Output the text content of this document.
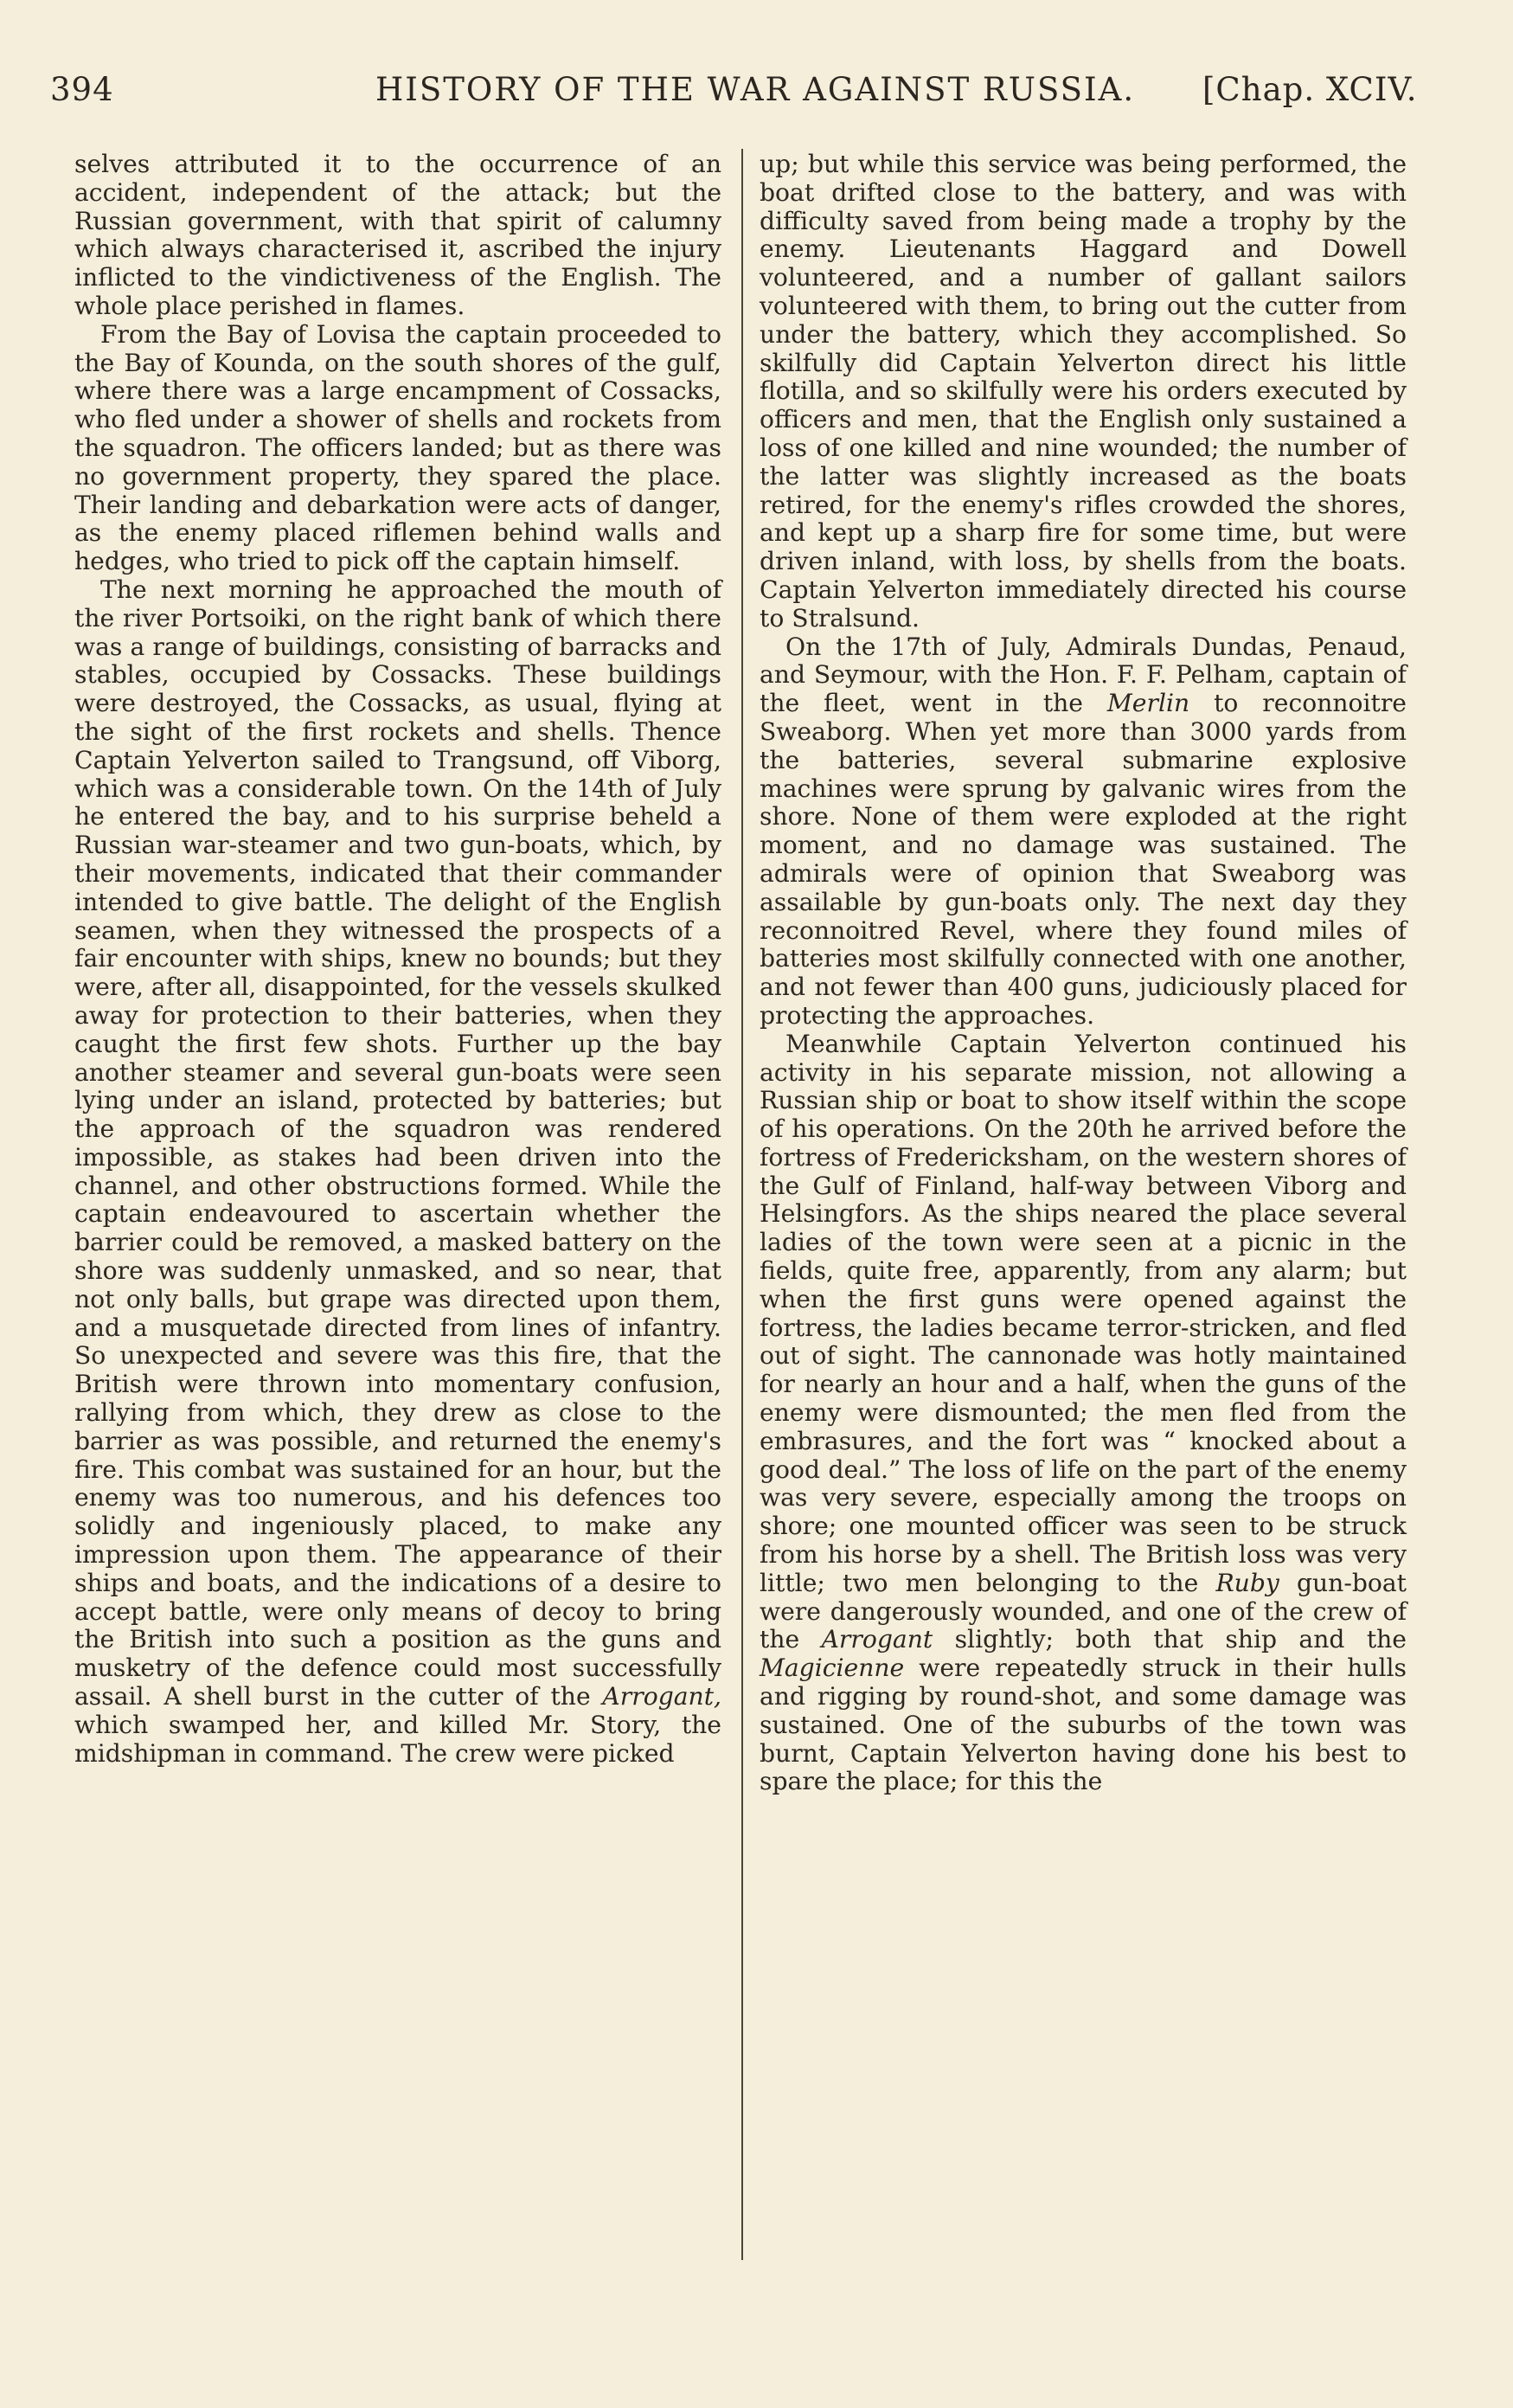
394	HISTORY OF THE WAR AGAINST RUSSIA. [Chap. XCIV.

selves attributed it to the occurrence of an accident, independent of the attack; but the Russian government, with that spirit of calumny which always characterised it, ascribed the injury inflicted to the vindictiveness of the English. The whole place perished in flames.

From the Bay of Lovisa the captain proceeded to the Bay of Kounda, on the south shores of the gulf, where there was a large encampment of Cossacks, who fled under a shower of shells and rockets from the squadron. The officers landed; but as there was no government property, they spared the place. Their landing and debarkation were acts of danger, as the enemy placed riflemen behind walls and hedges, who tried to pick off the captain himself.

The next morning he approached the mouth of the river Portsoiki, on the right bank of which there was a range of buildings, consisting of barracks and stables, occupied by Cossacks. These buildings were destroyed, the Cossacks, as usual, flying at the sight of the first rockets and shells. Thence Captain Yelverton sailed to Trangsund, off Viborg, which was a considerable town. On the 14th of July he entered the bay, and to his surprise beheld a Russian war-steamer and two gun-boats, which, by their movements, indicated that their commander intended to give battle. The delight of the English seamen, when they witnessed the prospects of a fair encounter with ships, knew no bounds; but they were, after all, disappointed, for the vessels skulked away for protection to their batteries, when they caught the first few shots. Further up the bay another steamer and several gun-boats were seen lying under an island, protected by batteries; but the approach of the squadron was rendered impossible, as stakes had been driven into the channel, and other obstructions formed. While the captain endeavoured to ascertain whether the barrier could be removed, a masked battery on the shore was suddenly unmasked, and so near, that not only balls, but grape was directed upon them, and a musquetade directed from lines of infantry. So unexpected and severe was this fire, that the British were thrown into momentary confusion, rallying from which, they drew as close to the barrier as was possible, and returned the enemy's fire. This combat was sustained for an hour, but the enemy was too numerous, and his defences too solidly and ingeniously placed, to make any impression upon them. The appearance of their ships and boats, and the indications of a desire to accept battle, were only means of decoy to bring the British into such a position as the guns and musketry of the defence could most successfully assail. A shell burst in the cutter of the Arrogant, which swamped her, and killed Mr. Story, the midshipman in command. The crew were picked

up; but while this service was being performed, the boat drifted close to the battery, and was with difficulty saved from being made a trophy by the enemy. Lieutenants Haggard and Dowell volunteered, and a number of gallant sailors volunteered with them, to bring out the cutter from under the battery, which they accomplished. So skilfully did Captain Yelverton direct his little flotilla, and so skilfully were his orders executed by officers and men, that the English only sustained a loss of one killed and nine wounded; the number of the latter was slightly increased as the boats retired, for the enemy's rifles crowded the shores, and kept up a sharp fire for some time, but were driven inland, with loss, by shells from the boats. Captain Yelverton immediately directed his course to Stralsund.

On the 17th of July, Admirals Dundas, Penaud, and Seymour, with the Hon. F. F. Pelham, captain of the fleet, went in the Merlin to reconnoitre Sweaborg. When yet more than 3000 yards from the batteries, several submarine explosive machines were sprung by galvanic wires from the shore. None of them were exploded at the right moment, and no damage was sustained. The admirals were of opinion that Sweaborg was assailable by gun-boats only. The next day they reconnoitred Revel, where they found miles of batteries most skilfully connected with one another, and not fewer than 400 guns, judiciously placed for protecting the approaches.

Meanwhile Captain Yelverton continued his activity in his separate mission, not allowing a Russian ship or boat to show itself within the scope of his operations. On the 20th he arrived before the fortress of Fredericksham, on the western shores of the Gulf of Finland, half-way between Viborg and Helsingfors. As the ships neared the place several ladies of the town were seen at a picnic in the fields, quite free, apparently, from any alarm; but when the first guns were opened against the fortress, the ladies became terror-stricken, and fled out of sight. The cannonade was hotly maintained for nearly an hour and a half, when the guns of the enemy were dismounted; the men fled from the embrasures, and the fort was “ knocked about a good deal.” The loss of life on the part of the enemy was very severe, especially among the troops on shore; one mounted officer was seen to be struck from his horse by a shell. The British loss was very little; two men belonging to the Ruby gun-boat were dangerously wounded, and one of the crew of the Arrogant slightly; both that ship and the Magicienne were repeatedly struck in their hulls and rigging by round-shot, and some damage was sustained. One of the suburbs of the town was burnt, Captain Yelverton having done his best to spare the place; for this the
